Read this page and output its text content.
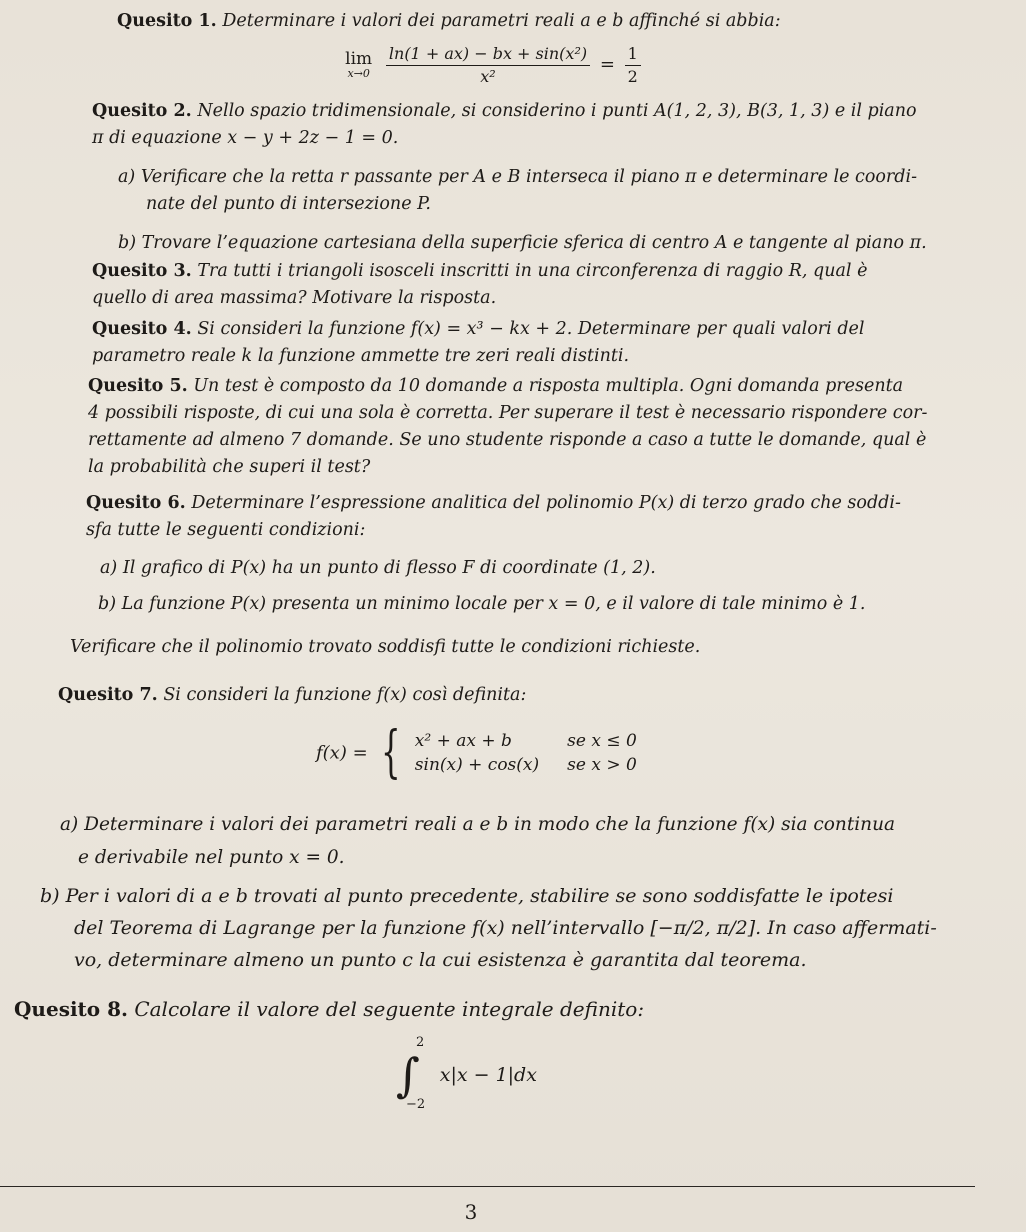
Quesito 1. Determinare i valori dei parametri reali a e b affinché si abbia:
lim
x→0
$\frac{\text{ln(1 + ax) − bx + sin(x²)}}{\text{x²}} = \frac{1}{2}$
Quesito 2. Nello spazio tridimensionale, si considerino i punti A(1, 2, 3), B(3, 1, 3) e il piano
π di equazione x − y + 2z − 1 = 0.
a) Verificare che la retta r passante per A e B interseca il piano π e determinare le coordi-
nate del punto di intersezione P.
b) Trovare l’equazione cartesiana della superficie sferica di centro A e tangente al piano π.
Quesito 3. Tra tutti i triangoli isosceli inscritti in una circonferenza di raggio R, qual è
quello di area massima? Motivare la risposta.
Quesito 4. Si consideri la funzione f(x) = x³ − kx + 2. Determinare per quali valori del
parametro reale k la funzione ammette tre zeri reali distinti.
Quesito 5. Un test è composto da 10 domande a risposta multipla. Ogni domanda presenta
4 possibili risposte, di cui una sola è corretta. Per superare il test è necessario rispondere cor-
rettamente ad almeno 7 domande. Se uno studente risponde a caso a tutte le domande, qual è
la probabilità che superi il test?
Quesito 6. Determinare l’espressione analitica del polinomio P(x) di terzo grado che soddi-
sfa tutte le seguenti condizioni:
a) Il grafico di P(x) ha un punto di flesso F di coordinate (1, 2).
b) La funzione P(x) presenta un minimo locale per x = 0, e il valore di tale minimo è 1.
Verificare che il polinomio trovato soddisfi tutte le condizioni richieste.
Quesito 7. Si consideri la funzione f(x) così definita:
f(x) = { x² + ax + b	se x ≤ 0
sin(x) + cos(x) se x > 0
a) Determinare i valori dei parametri reali a e b in modo che la funzione f(x) sia continua
e derivabile nel punto x = 0.
b) Per i valori di a e b trovati al punto precedente, stabilire se sono soddisfatte le ipotesi
del Teorema di Lagrange per la funzione f(x) nell’intervallo [−π/2, π/2]. In caso affermati-
vo, determinare almeno un punto c la cui esistenza è garantita dal teorema.
Quesito 8. Calcolare il valore del seguente integrale definito:
∫
2
−2
x|x − 1|dx
3
